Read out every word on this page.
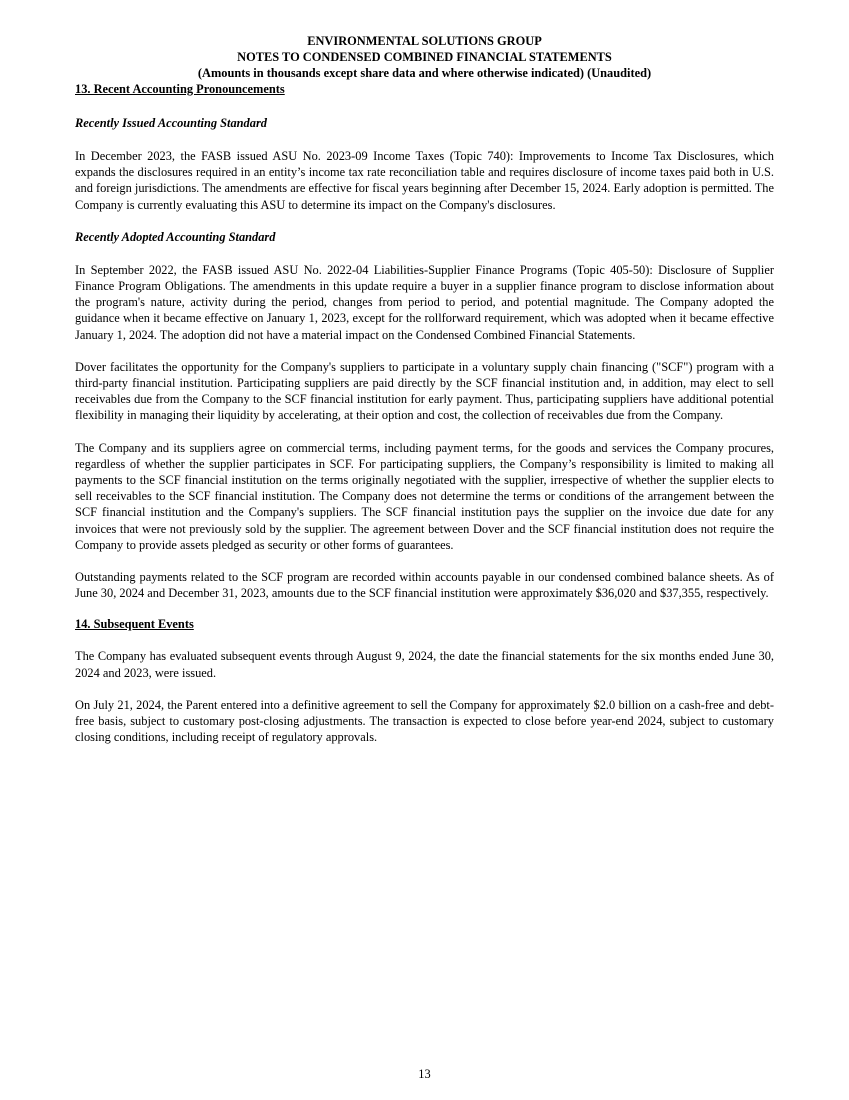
ENVIRONMENTAL SOLUTIONS GROUP
NOTES TO CONDENSED COMBINED FINANCIAL STATEMENTS
(Amounts in thousands except share data and where otherwise indicated) (Unaudited)
13. Recent Accounting Pronouncements
Recently Issued Accounting Standard

In December 2023, the FASB issued ASU No. 2023-09 Income Taxes (Topic 740): Improvements to Income Tax Disclosures, which expands the disclosures required in an entity’s income tax rate reconciliation table and requires disclosure of income taxes paid both in U.S. and foreign jurisdictions. The amendments are effective for fiscal years beginning after December 15, 2024. Early adoption is permitted. The Company is currently evaluating this ASU to determine its impact on the Company's disclosures.

Recently Adopted Accounting Standard

In September 2022, the FASB issued ASU No. 2022-04 Liabilities-Supplier Finance Programs (Topic 405-50): Disclosure of Supplier Finance Program Obligations. The amendments in this update require a buyer in a supplier finance program to disclose information about the program's nature, activity during the period, changes from period to period, and potential magnitude. The Company adopted the guidance when it became effective on January 1, 2023, except for the rollforward requirement, which was adopted when it became effective January 1, 2024. The adoption did not have a material impact on the Condensed Combined Financial Statements.

Dover facilitates the opportunity for the Company's suppliers to participate in a voluntary supply chain financing ("SCF") program with a third-party financial institution. Participating suppliers are paid directly by the SCF financial institution and, in addition, may elect to sell receivables due from the Company to the SCF financial institution for early payment. Thus, participating suppliers have additional potential flexibility in managing their liquidity by accelerating, at their option and cost, the collection of receivables due from the Company.

The Company and its suppliers agree on commercial terms, including payment terms, for the goods and services the Company procures, regardless of whether the supplier participates in SCF. For participating suppliers, the Company’s responsibility is limited to making all payments to the SCF financial institution on the terms originally negotiated with the supplier, irrespective of whether the supplier elects to sell receivables to the SCF financial institution. The Company does not determine the terms or conditions of the arrangement between the SCF financial institution and the Company's suppliers. The SCF financial institution pays the supplier on the invoice due date for any invoices that were not previously sold by the supplier. The agreement between Dover and the SCF financial institution does not require the Company to provide assets pledged as security or other forms of guarantees.

Outstanding payments related to the SCF program are recorded within accounts payable in our condensed combined balance sheets. As of June 30, 2024 and December 31, 2023, amounts due to the SCF financial institution were approximately $36,020 and $37,355, respectively.

14. Subsequent Events

The Company has evaluated subsequent events through August 9, 2024, the date the financial statements for the six months ended June 30, 2024 and 2023, were issued.

On July 21, 2024, the Parent entered into a definitive agreement to sell the Company for approximately $2.0 billion on a cash-free and debt-free basis, subject to customary post-closing adjustments. The transaction is expected to close before year-end 2024, subject to customary closing conditions, including receipt of regulatory approvals.

13
